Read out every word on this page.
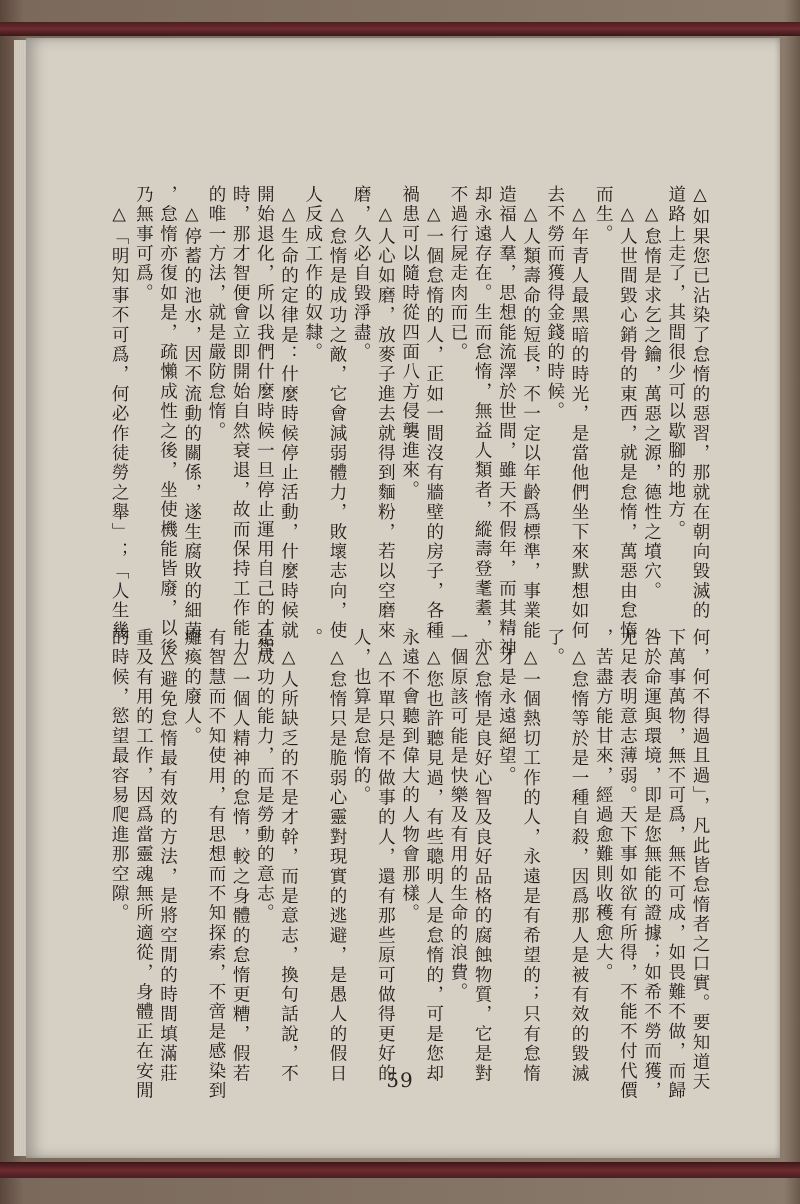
△如果您已沾染了怠惰的惡習，那就在朝向毀滅的
道路上走了，其間很少可以歇腳的地方。
　△怠惰是求乞之鑰，萬惡之源，德性之墳穴。
　△人世間毀心銷骨的東西，就是怠惰，萬惡由怠惰
而生。
　△年青人最黑暗的時光，是當他們坐下來默想如何
去不勞而獲得金錢的時候。
　△人類壽命的短長，不一定以年齡爲標準，事業能
造福人羣，思想能流澤於世間，雖天不假年，而其精神
却永遠存在。生而怠惰，無益人類者，縱壽登耄耋，亦
不過行屍走肉而已。
　△一個怠惰的人，正如一間沒有牆壁的房子，各種
禍患可以隨時從四面八方侵襲進來。
　△人心如磨，放麥子進去就得到麵粉，若以空磨來
磨，久必自毀淨盡。
　△怠惰是成功之敵，它會減弱體力，敗壞志向，使
人反成工作的奴隸。
　△生命的定律是：什麼時候停止活動，什麼時候就
開始退化，所以我們什麼時候一旦停止運用自己的才智
時，那才智便會立即開始自然衰退，故而保持工作能力
的唯一方法，就是嚴防怠惰。
　△停蓄的池水，因不流動的關係，遂生腐敗的細菌
，怠惰亦復如是，疏懶成性之後，坐使機能皆廢，以後
乃無事可爲。
　△「明知事不可爲，何必作徒勞之舉」；「人生幾
何，何不得過且過」，凡此皆怠惰者之口實。要知道天
下萬事萬物，無不可爲，無不可成，如畏難不做，而歸
咎於命運與環境，即是您無能的證據；如希不勞而獲，
尤足表明意志薄弱。天下事如欲有所得，不能不付代價
，苦盡方能甘來，經過愈難則收穫愈大。
　△怠惰等於是一種自殺，因爲那人是被有效的毀滅
了。
　△一個熱切工作的人，永遠是有希望的；只有怠惰
，才是永遠絕望。
　△怠惰是良好心智及良好品格的腐蝕物質，它是對
一個原該可能是快樂及有用的生命的浪費。
　△您也許聽見過，有些聰明人是怠惰的，可是您却
永遠不會聽到偉大的人物會那樣。
　△不單只是不做事的人，還有那些原可做得更好的
人，也算是怠惰的。
　△怠惰只是脆弱心靈對現實的逃避，是愚人的假日
。
　△人所缺乏的不是才幹，而是意志，換句話說，不
是成功的能力，而是勞動的意志。
　△一個人精神的怠惰，較之身體的怠惰更糟，假若
有智慧而不知使用，有思想而不知探索，不啻是感染到
癱瘓的廢人。
　△避免怠惰最有效的方法，是將空閒的時間填滿莊
重及有用的工作，因爲當靈魂無所適從，身體正在安閒
的時候，慾望最容易爬進那空隙。
59
